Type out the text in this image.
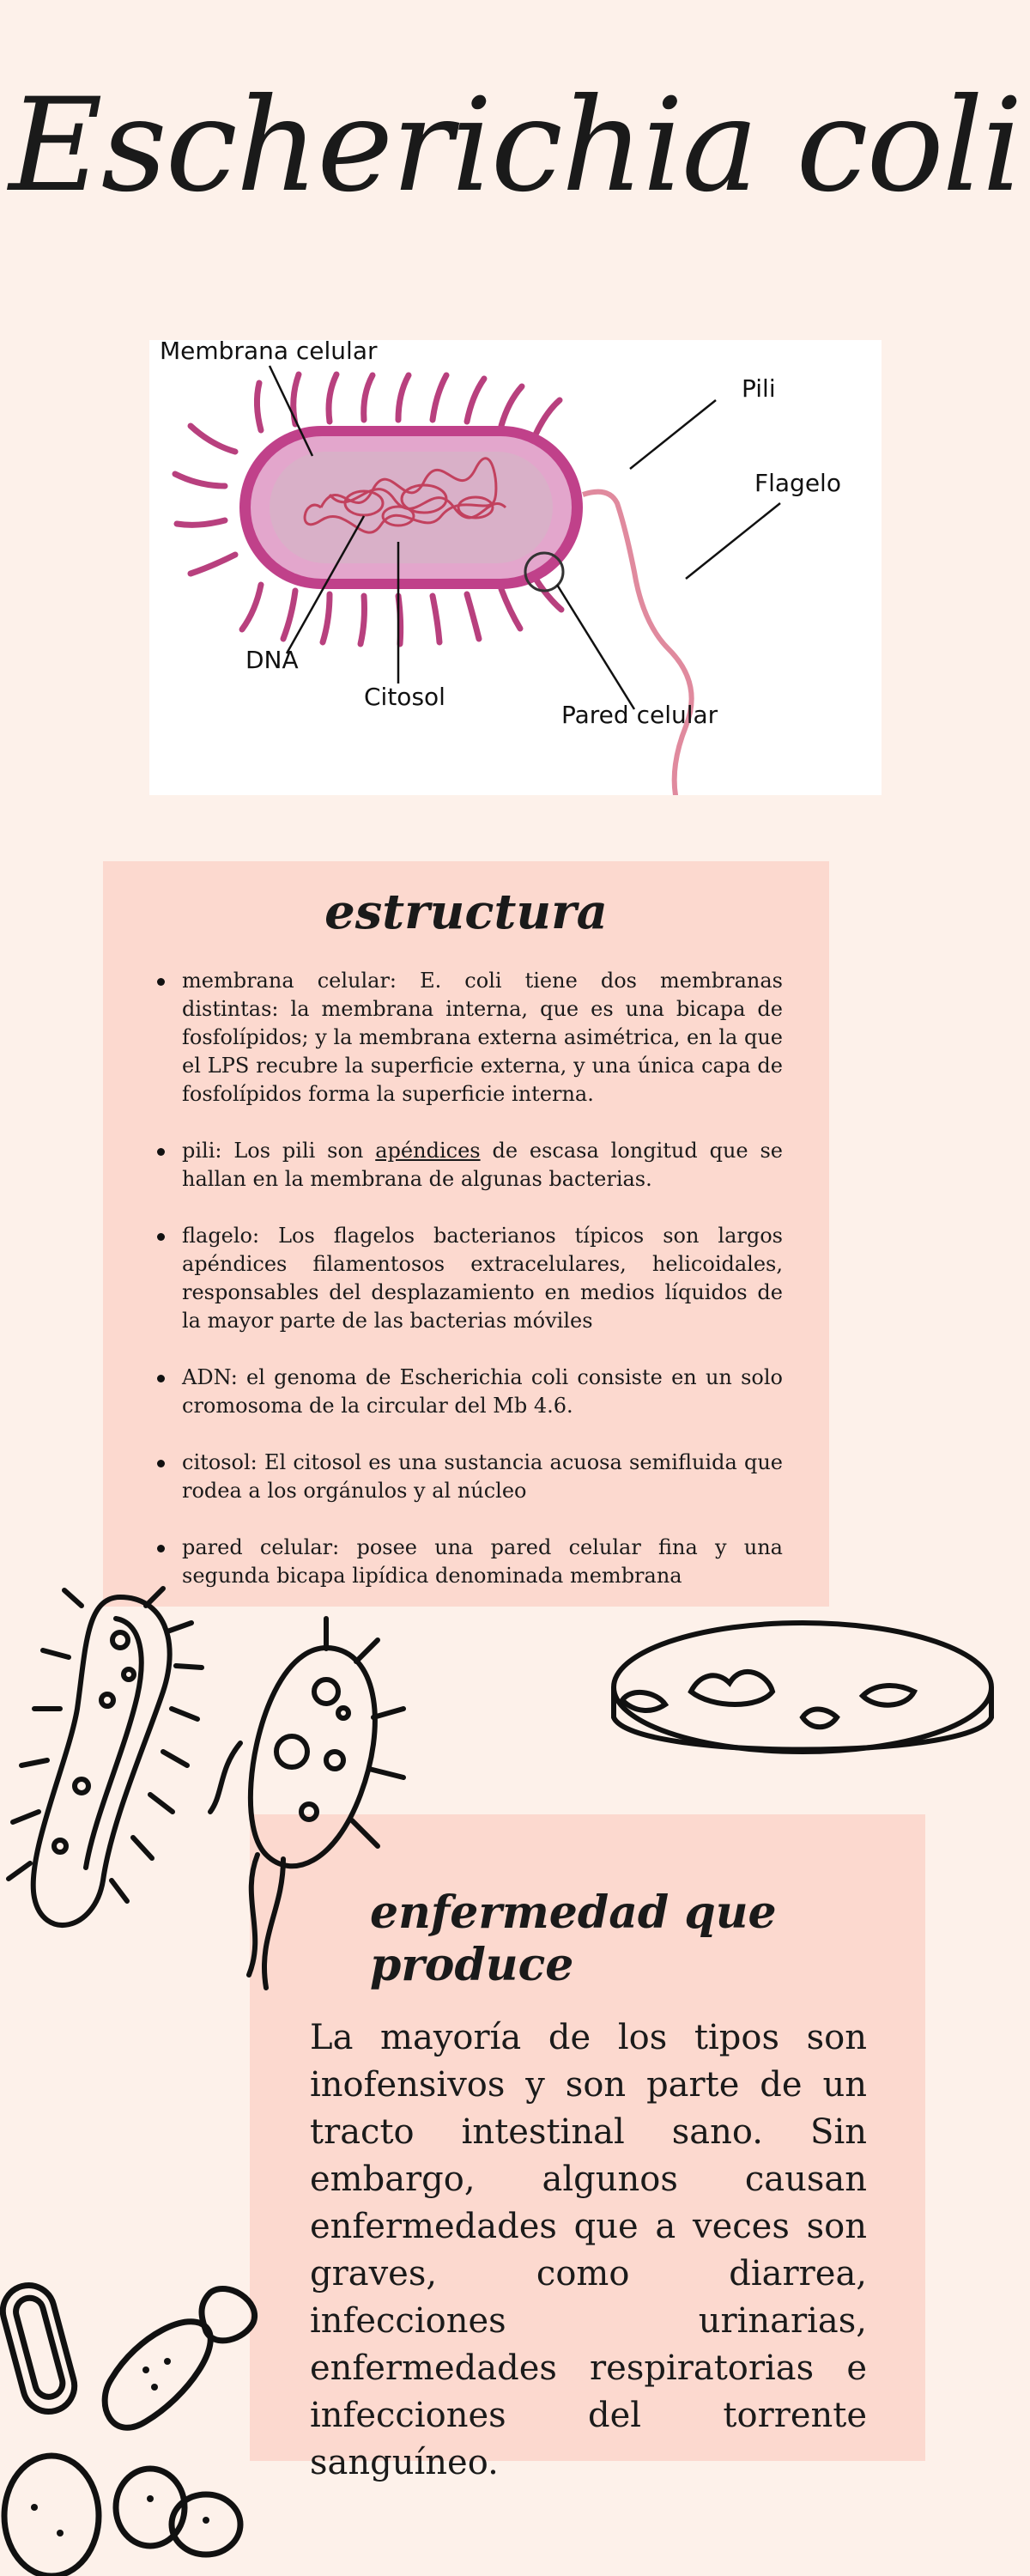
Escherichia coli
Membrana celular
Pili
Flagelo
DNA
Citosol
Pared celular
estructura
membrana celular: E. coli tiene dos membranas distintas: la membrana interna, que es una bicapa de fosfolípidos; y la membrana externa asimétrica, en la que el LPS recubre la superficie externa, y una única capa de fosfolípidos forma la superficie interna.
pili: Los pili son apéndices de escasa longitud que se hallan en la membrana de algunas bacterias.
flagelo: Los flagelos bacterianos típicos son largos apéndices filamentosos extracelulares, helicoidales, responsables del desplazamiento en medios líquidos de la mayor parte de las bacterias móviles
ADN: el genoma de Escherichia coli consiste en un solo cromosoma de la circular del Mb 4.6.
citosol: El citosol es una sustancia acuosa semifluida que rodea a los orgánulos y al núcleo
pared celular: posee una pared celular fina y una segunda bicapa lipídica denominada membrana
enfermedad que produce

La mayoría de los tipos son inofensivos y son parte de un tracto intestinal sano. Sin embargo, algunos causan enfermedades que a veces son graves, como diarrea, infecciones urinarias, enfermedades respiratorias e infecciones del torrente sanguíneo.
